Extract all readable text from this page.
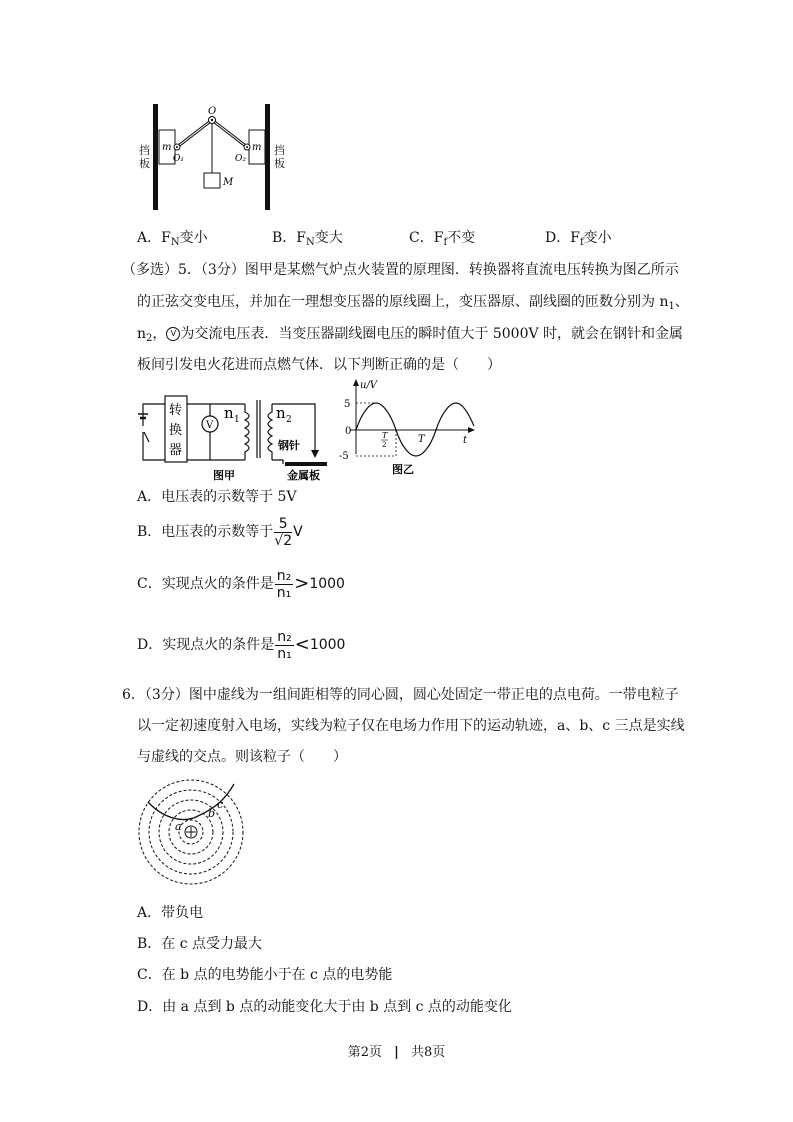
O
m	m
O₁	O₂
M
挡板
挡板
A．$F_N$变小	B．$F_N$变大	C．$F_f$不变	D．$F_f$变小
（多选）5．（3分）图甲是某燃气炉点火装置的原理图．转换器将直流电压转换为图乙所示
的正弦交变电压，并加在一理想变压器的原线圈上，变压器原、副线圈的匝数分别为 $n_1$、
$n_2$， V 为交流电压表．当变压器副线圈电压的瞬时值大于 5000V 时，就会在钢针和金属
板间引发电火花进而点燃气体．以下判断正确的是（　　）
转
换
器
V
n 1 n 2
钢针
金属板
图甲
u/V
5
0
-5
T
2	T	t
图乙
A．电压表的示数等于 5V
B．电压表的示数等于 $\frac{5}{√2}$ V
C．实现点火的条件是 $\frac{\text{n₂}}{\text{n₁}} >1000$
D．实现点火的条件是 $\frac{\text{n₂}}{\text{n₁}} <1000$
6．（3分）图中虚线为一组间距相等的同心圆，圆心处固定一带正电的点电荷。一带电粒子
以一定初速度射入电场，实线为粒子仅在电场力作用下的运动轨迹，a、b、c 三点是实线
与虚线的交点。则该粒子（　　）
a
b
c
A．带负电
B．在 c 点受力最大
C．在 b 点的电势能小于在 c 点的电势能
D．由 a 点到 b 点的动能变化大于由 b 点到 c 点的动能变化
第2页 | 共8页
